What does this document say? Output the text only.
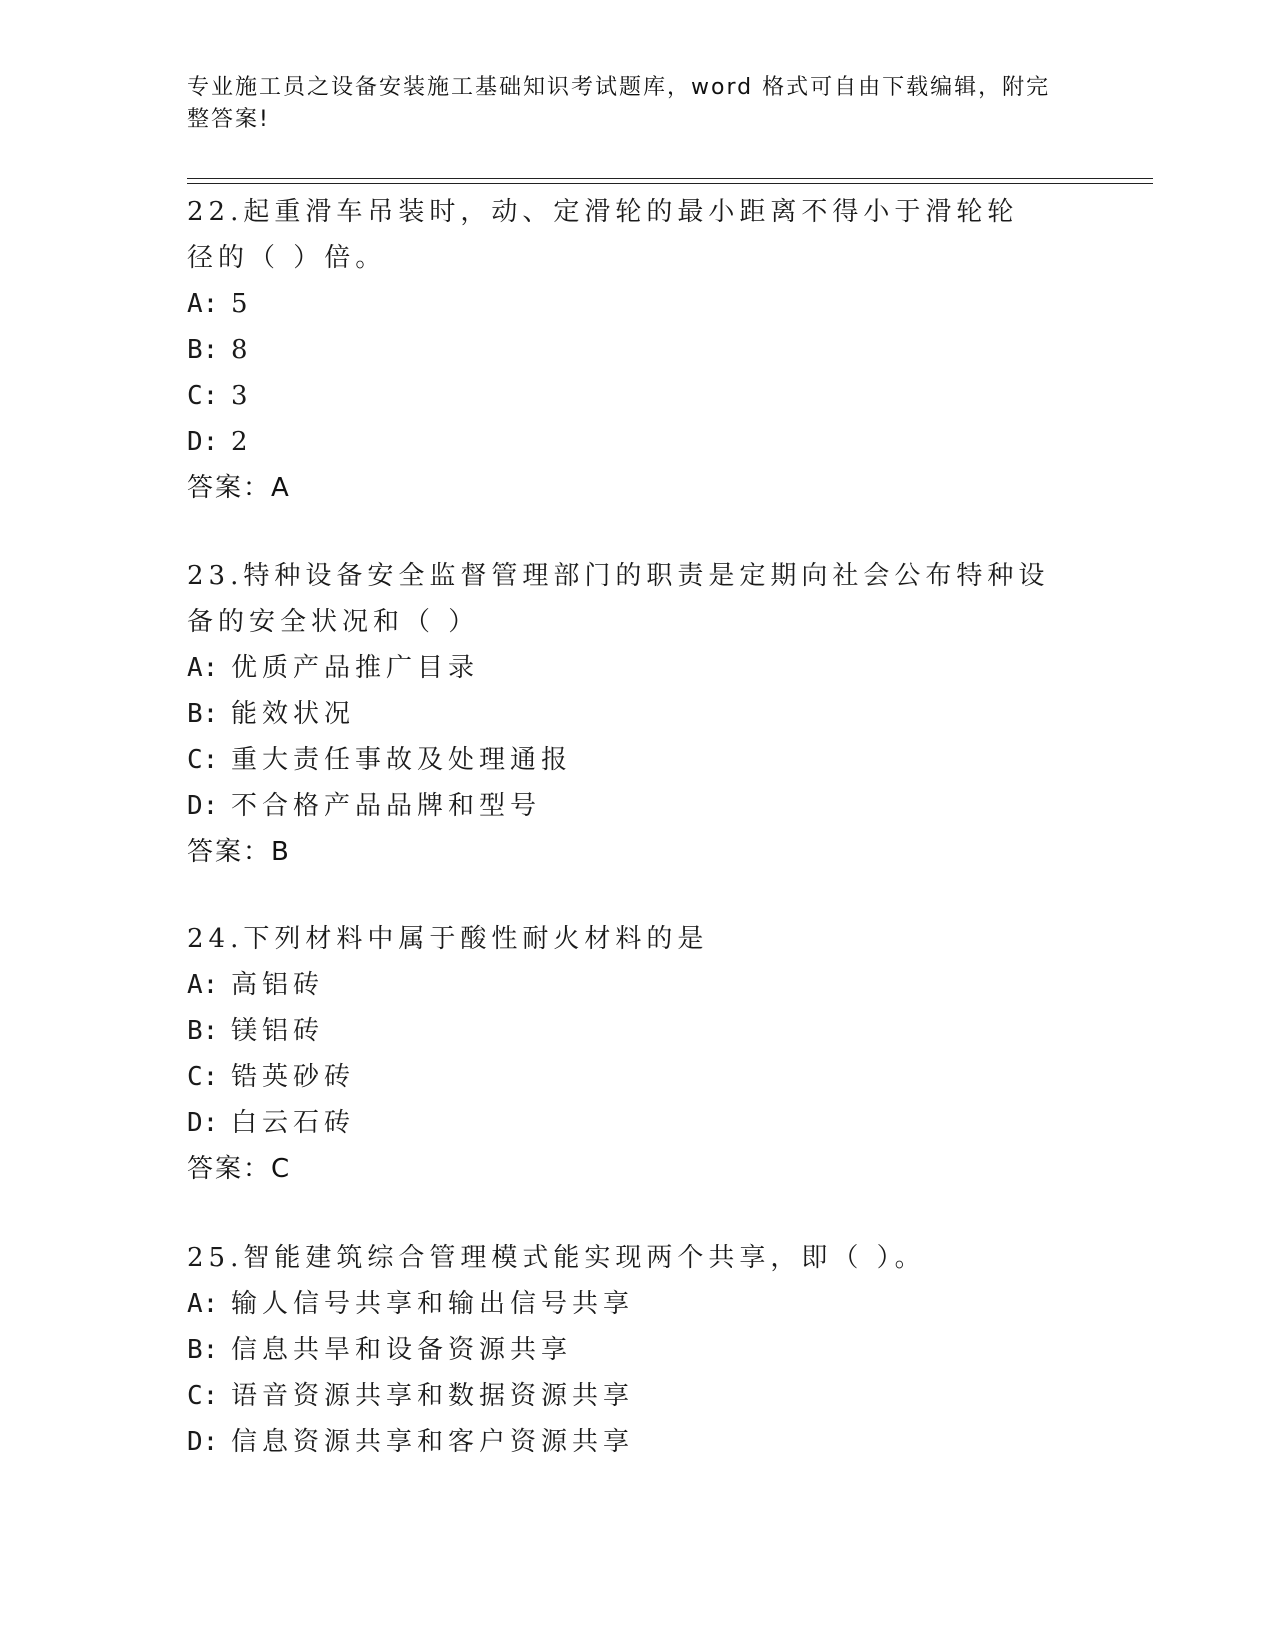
专业施工员之设备安装施工基础知识考试题库，word 格式可自由下载编辑，附完整答案!

22.起重滑车吊装时，动、定滑轮的最小距离不得小于滑轮轮径的（ ）倍。

A: 5
B: 8
C: 3
D: 2
答案：A

23.特种设备安全监督管理部门的职责是定期向社会公布特种设备的安全状况和（ ）

A: 优质产品推广目录
B: 能效状况
C: 重大责任事故及处理通报
D: 不合格产品品牌和型号
答案：B

24.下列材料中属于酸性耐火材料的是

A: 高铝砖
B: 镁铝砖
C: 锆英砂砖
D: 白云石砖
答案：C

25.智能建筑综合管理模式能实现两个共享，即（ ）。

A: 输人信号共享和输出信号共享
B: 信息共旱和设备资源共享
C: 语音资源共享和数据资源共享
D: 信息资源共享和客户资源共享
